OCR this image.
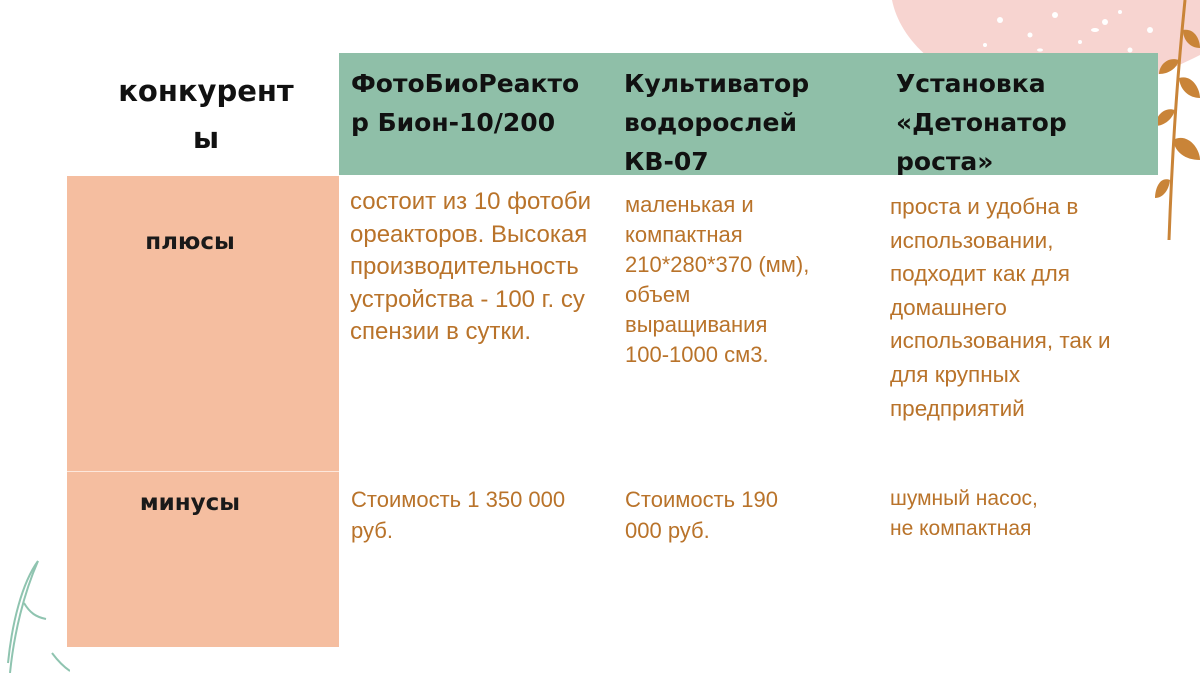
конкурент ы
ФотоБиоРеактор Бион-10/200
Культиватор водорослей КВ-07
Установка «Детонатор роста»
плюсы
минусы
состоит из 10 фотобиореакторов. Высокая производительность устройства - 100 г. суспензии в сутки.
маленькая и компактная 210*280*370 (мм), объем выращивания 100-1000 см3.
проста и удобна в использовании, подходит как для домашнего использования, так и для крупных предприятий
Стоимость 1 350 000 руб.
Стоимость 190 000 руб.
шумный насос, не компактная
